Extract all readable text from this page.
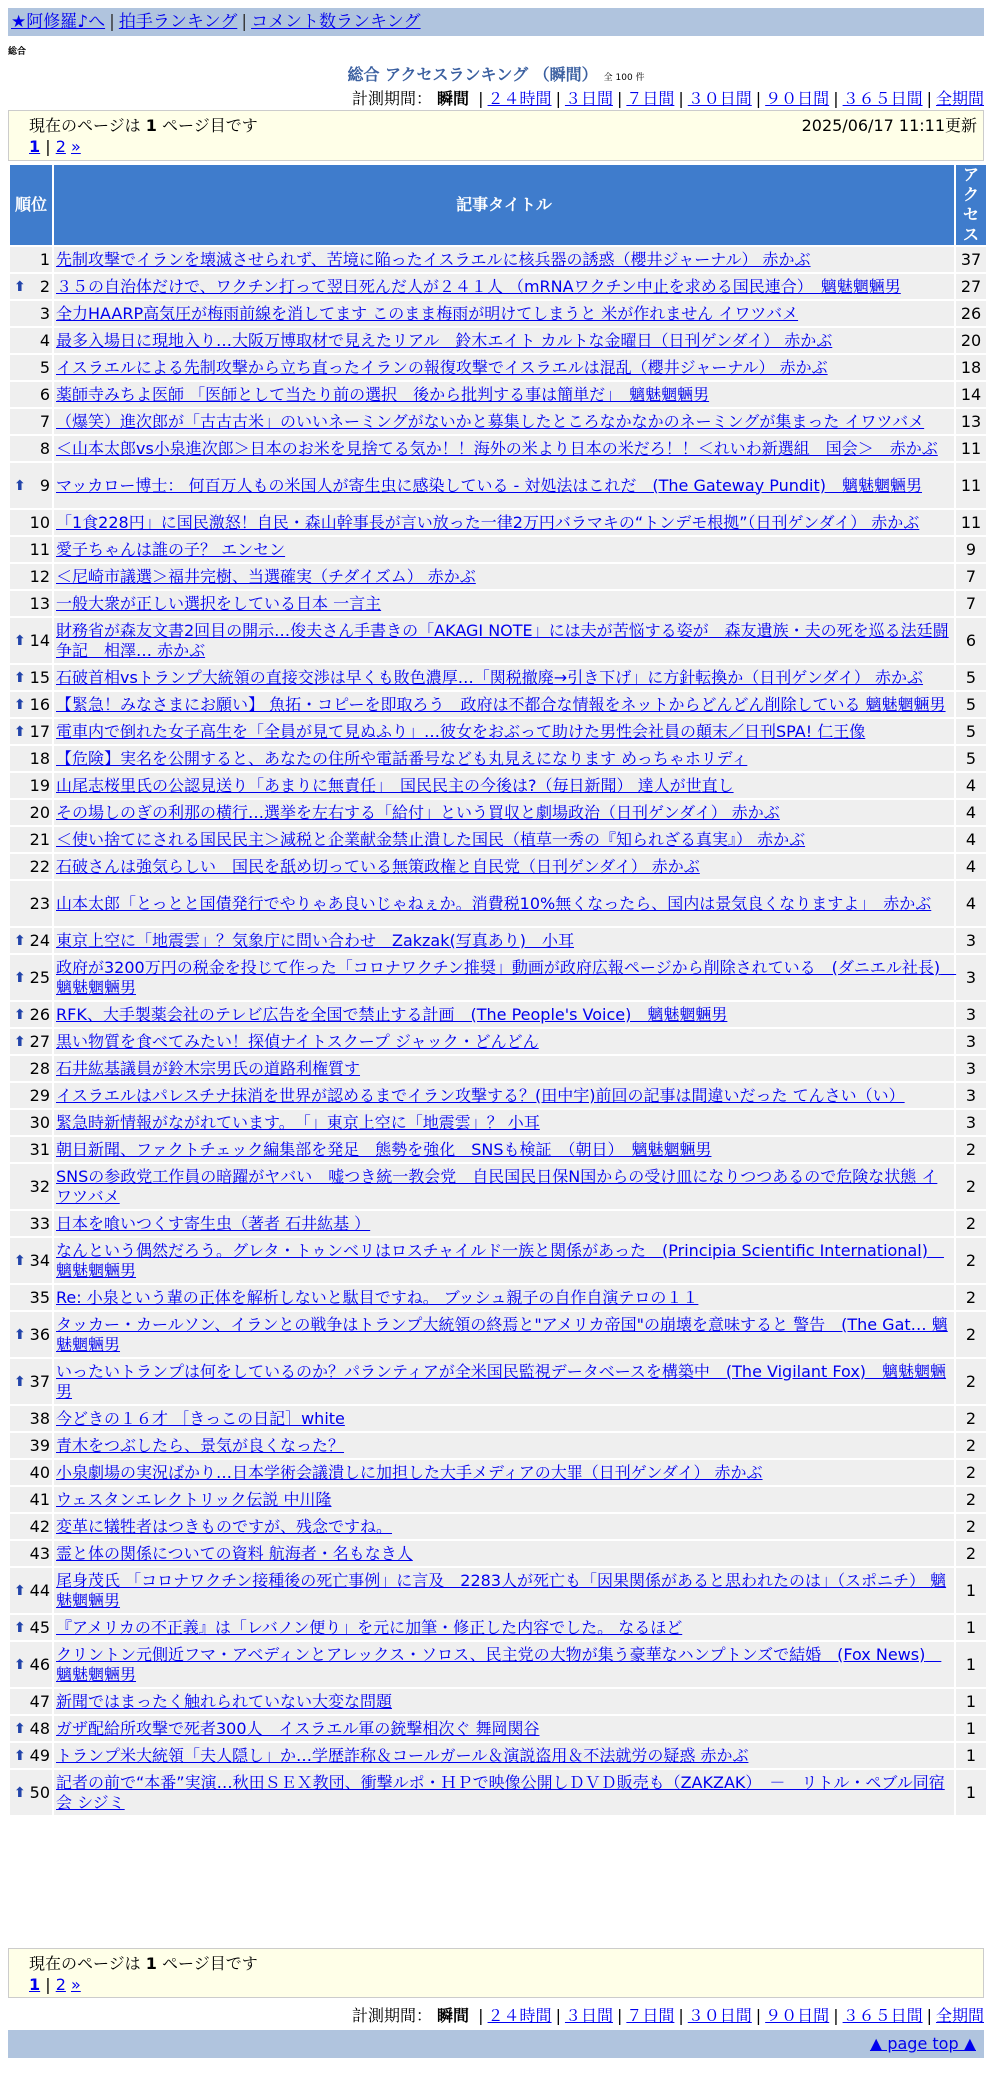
★阿修羅♪へ | 拍手ランキング | コメント数ランキング
総合
総合 アクセスランキング （瞬間） 全 100 件
計測期間： 瞬間 | ２４時間 | ３日間 | ７日間 | ３０日間 | ９０日間 | ３６５日間 | 全期間
現在のページは 1 ページ目です	2025/06/17 11:11更新
1 | 2 »
順位	記事タイトル	アクセス
1	先制攻撃でイランを壊滅させられず、苦境に陥ったイスラエルに核兵器の誘惑（櫻井ジャーナル） 赤かぶ	37

⬆ 2	３５の自治体だけで、ワクチン打って翌日死んだ人が２４１人 （mRNAワクチン中止を求める国民連合）　魑魅魍魎男	27
3	全力HAARP高気圧が梅雨前線を消してます このまま梅雨が明けてしまうと 米が作れません イワツバメ	26
4	最多入場日に現地入り…大阪万博取材で見えたリアル　鈴木エイト カルトな金曜日（日刊ゲンダイ） 赤かぶ	20
5	イスラエルによる先制攻撃から立ち直ったイランの報復攻撃でイスラエルは混乱（櫻井ジャーナル） 赤かぶ	18
6	薬師寺みちよ医師 「医師として当たり前の選択　後から批判する事は簡単だ」　魑魅魍魎男	14
7	（爆笑）進次郎が「古古古米」のいいネーミングがないかと募集したところなかなかのネーミングが集まった イワツバメ	13
8	＜山本太郎vs小泉進次郎＞日本のお米を見捨てる気か！！海外の米より日本の米だろ！！＜れいわ新選組　国会＞　赤かぶ	11

⬆ 9	マッカロー博士： 何百万人もの米国人が寄生虫に感染している - 対処法はこれだ　(The Gateway Pundit)　魑魅魍魎男	11
10	「1食228円」に国民激怒！自民・森山幹事長が言い放った一律2万円バラマキの“トンデモ根拠”（日刊ゲンダイ） 赤かぶ	11
11	愛子ちゃんは誰の子？ エンセン	9
12	＜尼崎市議選＞福井完樹、当選確実（チダイズム） 赤かぶ	7
13	一般大衆が正しい選択をしている日本 一言主	7

⬆ 14	財務省が森友文書2回目の開示…俊夫さん手書きの「AKAGI NOTE」には夫が苦悩する姿が　森友遺族・夫の死を巡る法廷闘争記　相澤… 赤かぶ	6

⬆ 15	石破首相vsトランプ大統領の直接交渉は早くも敗色濃厚…「関税撤廃→引き下げ」に方針転換か（日刊ゲンダイ） 赤かぶ	5

⬆ 16	【緊急！みなさまにお願い】 魚拓・コピーを即取ろう　政府は不都合な情報をネットからどんどん削除している 魑魅魍魎男	5

⬆ 17	電車内で倒れた女子高生を「全員が見て見ぬふり」…彼女をおぶって助けた男性会社員の顛末／日刊SPA! 仁王像	5
18	【危険】実名を公開すると、あなたの住所や電話番号なども丸見えになります めっちゃホリディ	5
19	山尾志桜里氏の公認見送り「あまりに無責任」　国民民主の今後は?（毎日新聞） 達人が世直し	4
20	その場しのぎの利那の横行…選挙を左右する「給付」という買収と劇場政治（日刊ゲンダイ） 赤かぶ	4
21	＜使い捨てにされる国民民主＞減税と企業献金禁止潰した国民（植草一秀の『知られざる真実』） 赤かぶ	4
22	石破さんは強気らしい　国民を舐め切っている無策政権と自民党（日刊ゲンダイ） 赤かぶ	4
23	山本太郎「とっとと国債発行でやりゃあ良いじゃねぇか。消費税10%無くなったら、国内は景気良くなりますよ」　赤かぶ	4

⬆ 24	東京上空に「地震雲」？気象庁に問い合わせ　Zakzak(写真あり)　小耳	3

⬆ 25	政府が3200万円の税金を投じて作った「コロナワクチン推奨」動画が政府広報ページから削除されている　(ダニエル社長)　魑魅魍魎男	3

⬆ 26	RFK、大手製薬会社のテレビ広告を全国で禁止する計画　(The People's Voice)　魑魅魍魎男	3

⬆ 27	黒い物質を食べてみたい！探偵ナイトスクープ ジャック・どんどん	3
28	石井紘基議員が鈴木宗男氏の道路利権質す	3
29	イスラエルはパレスチナ抹消を世界が認めるまでイラン攻撃する？(田中宇)前回の記事は間違いだった てんさい（い）	3
30	緊急時新情報がながれています。　「」東京上空に「地震雲」？ 小耳	3
31	朝日新聞、ファクトチェック編集部を発足　態勢を強化　SNSも検証　（朝日）　魑魅魍魎男	2
32	SNSの参政党工作員の暗躍がヤバい　嘘つき統一教会党　自民国民日保N国からの受け皿になりつつあるので危険な状態 イワツバメ	2
33	日本を喰いつくす寄生虫（著者 石井紘基 ）	2

⬆ 34	なんという偶然だろう。グレタ・トゥンベリはロスチャイルド一族と関係があった　(Principia Scientific International)　魑魅魍魎男	2
35	Re: 小泉という輩の正体を解析しないと駄目ですね。 ブッシュ親子の自作自演テロの１１	2

⬆ 36	タッカー・カールソン、イランとの戦争はトランプ大統領の終焉と"アメリカ帝国"の崩壊を意味すると 警告　(The Gat… 魑魅魍魎男	2

⬆ 37	いったいトランプは何をしているのか？パランティアが全米国民監視データベースを構築中　(The Vigilant Fox)　魑魅魍魎男	2
38	今どきの１６才 ［きっこの日記］white	2
39	青木をつぶしたら、景気が良くなった？	2
40	小泉劇場の実況ばかり…日本学術会議潰しに加担した大手メディアの大罪（日刊ゲンダイ） 赤かぶ	2
41	ウェスタンエレクトリック伝説 中川隆	2
42	変革に犠牲者はつきものですが、残念ですね。	2
43	霊と体の関係についての資料 航海者・名もなき人	2

⬆ 44	尾身茂氏 「コロナワクチン接種後の死亡事例」に言及　2283人が死亡も「因果関係があると思われたのは」（スポニチ） 魑魅魍魎男	1

⬆ 45	『アメリカの不正義』は「レバノン便り」を元に加筆・修正した内容でした。 なるほど	1

⬆ 46	クリントン元側近フマ・アベディンとアレックス・ソロス、民主党の大物が集う豪華なハンプトンズで結婚　(Fox News)　魑魅魍魎男	1
47	新聞ではまったく触れられていない大変な問題	1

⬆ 48	ガザ配給所攻撃で死者300人　イスラエル軍の銃撃相次ぐ 舞岡関谷	1

⬆ 49	トランプ米大統領「夫人隠し」か…学歴詐称＆コールガール＆演説盗用＆不法就労の疑惑 赤かぶ	1

⬆ 50	記者の前で“本番”実演…秋田ＳＥＸ教団、衝撃ルポ・ＨＰで映像公開しＤＶＤ販売も（ZAKZAK）　－　リトル・ペブル同宿会 シジミ	1
現在のページは 1 ページ目です
1 | 2 »
計測期間： 瞬間 | ２４時間 | ３日間 | ７日間 | ３０日間 | ９０日間 | ３６５日間 | 全期間
▲ page top ▲
